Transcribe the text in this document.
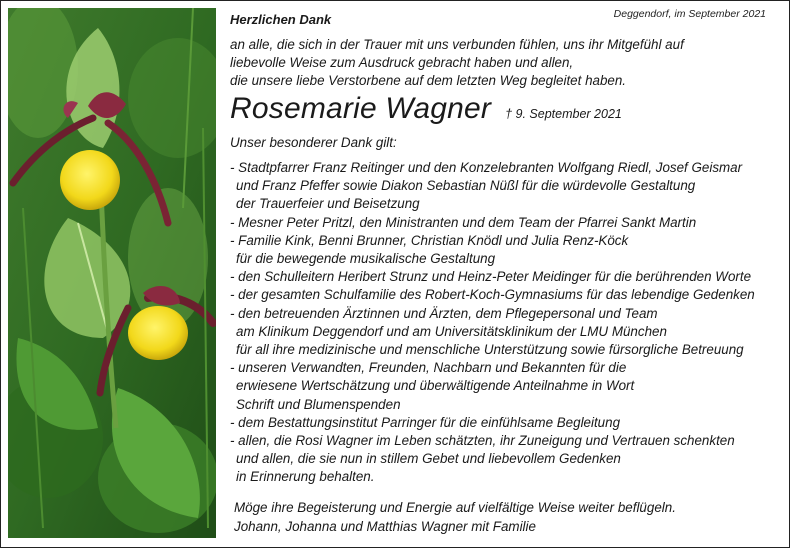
Deggendorf, im September 2021
Herzlichen Dank
an alle, die sich in der Trauer mit uns verbunden fühlen, uns ihr Mitgefühl auf
liebevolle Weise zum Ausdruck gebracht haben und allen,
die unsere liebe Verstorbene auf dem letzten Weg begleitet haben.
Rosemarie Wagner † 9. September 2021
Unser besonderer Dank gilt:
- Stadtpfarrer Franz Reitinger und den Konzelebranten Wolfgang Riedl, Josef Geismar
und Franz Pfeffer sowie Diakon Sebastian Nüßl für die würdevolle Gestaltung
der Trauerfeier und Beisetzung
- Mesner Peter Pritzl, den Ministranten und dem Team der Pfarrei Sankt Martin
- Familie Kink, Benni Brunner, Christian Knödl und Julia Renz-Köck
für die bewegende musikalische Gestaltung
- den Schulleitern Heribert Strunz und Heinz-Peter Meidinger für die berührenden Worte
- der gesamten Schulfamilie des Robert-Koch-Gymnasiums für das lebendige Gedenken
- den betreuenden Ärztinnen und Ärzten, dem Pflegepersonal und Team
am Klinikum Deggendorf und am Universitätsklinikum der LMU München
für all ihre medizinische und menschliche Unterstützung sowie fürsorgliche Betreuung
- unseren Verwandten, Freunden, Nachbarn und Bekannten für die
erwiesene Wertschätzung und überwältigende Anteilnahme in Wort
Schrift und Blumenspenden
- dem Bestattungsinstitut Parringer für die einfühlsame Begleitung
- allen, die Rosi Wagner im Leben schätzten, ihr Zuneigung und Vertrauen schenkten
und allen, die sie nun in stillem Gebet und liebevollem Gedenken
in Erinnerung behalten.
Möge ihre Begeisterung und Energie auf vielfältige Weise weiter beflügeln.
Johann, Johanna und Matthias Wagner mit Familie
